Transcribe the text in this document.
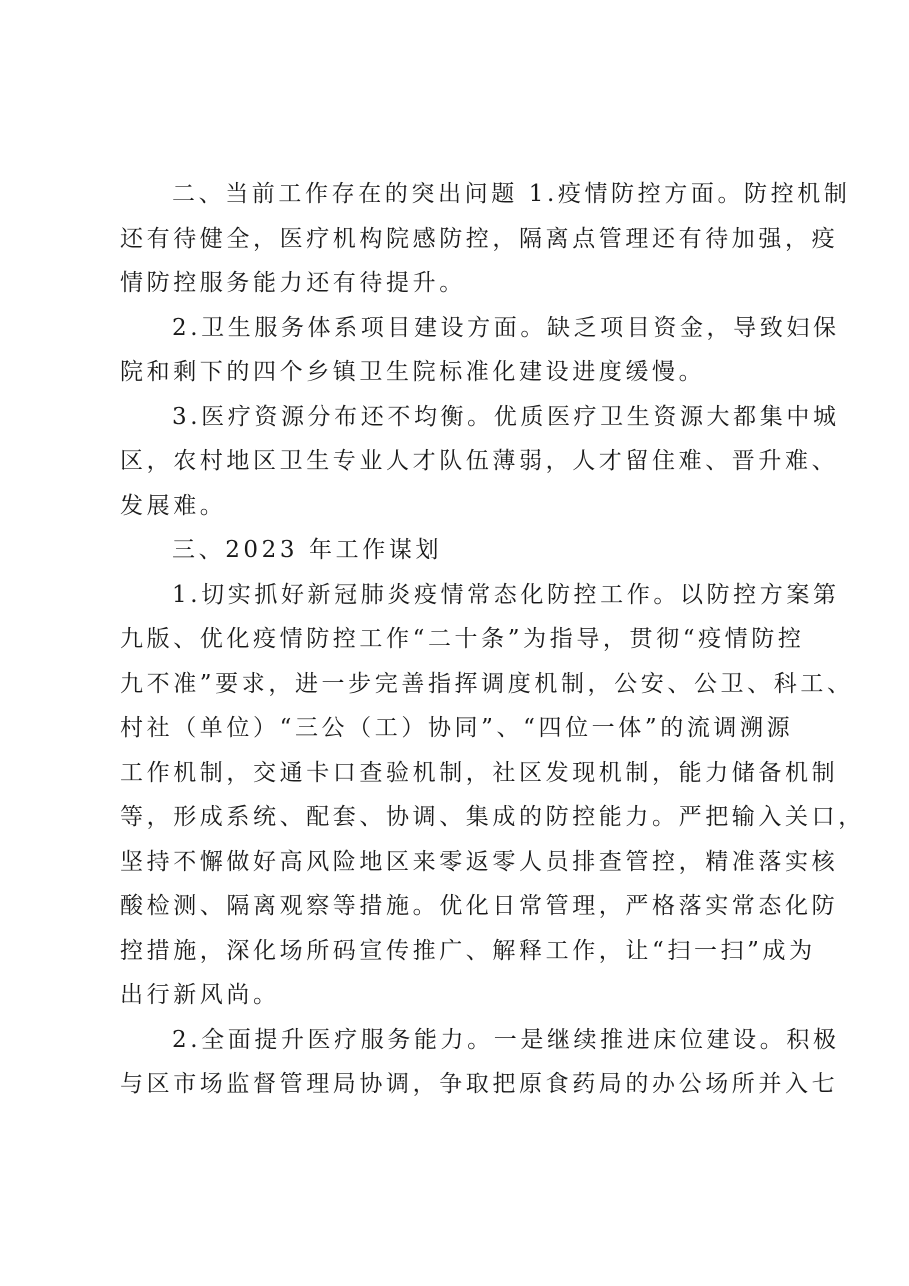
二、当前工作存在的突出问题 1.疫情防控方面。防控机制
还有待健全，医疗机构院感防控，隔离点管理还有待加强，疫
情防控服务能力还有待提升。

2.卫生服务体系项目建设方面。缺乏项目资金，导致妇保
院和剩下的四个乡镇卫生院标准化建设进度缓慢。

3.医疗资源分布还不均衡。优质医疗卫生资源大都集中城
区，农村地区卫生专业人才队伍薄弱，人才留住难、晋升难、
发展难。

三、2023 年工作谋划

1.切实抓好新冠肺炎疫情常态化防控工作。以防控方案第
九版、优化疫情防控工作“二十条”为指导，贯彻“疫情防控
九不准”要求，进一步完善指挥调度机制，公安、公卫、科工、
村社（单位）“三公（工）协同”、“四位一体”的流调溯源
工作机制，交通卡口查验机制，社区发现机制，能力储备机制
等，形成系统、配套、协调、集成的防控能力。严把输入关口，
坚持不懈做好高风险地区来零返零人员排查管控，精准落实核
酸检测、隔离观察等措施。优化日常管理，严格落实常态化防
控措施，深化场所码宣传推广、解释工作，让“扫一扫”成为
出行新风尚。

2.全面提升医疗服务能力。一是继续推进床位建设。积极
与区市场监督管理局协调，争取把原食药局的办公场所并入七
